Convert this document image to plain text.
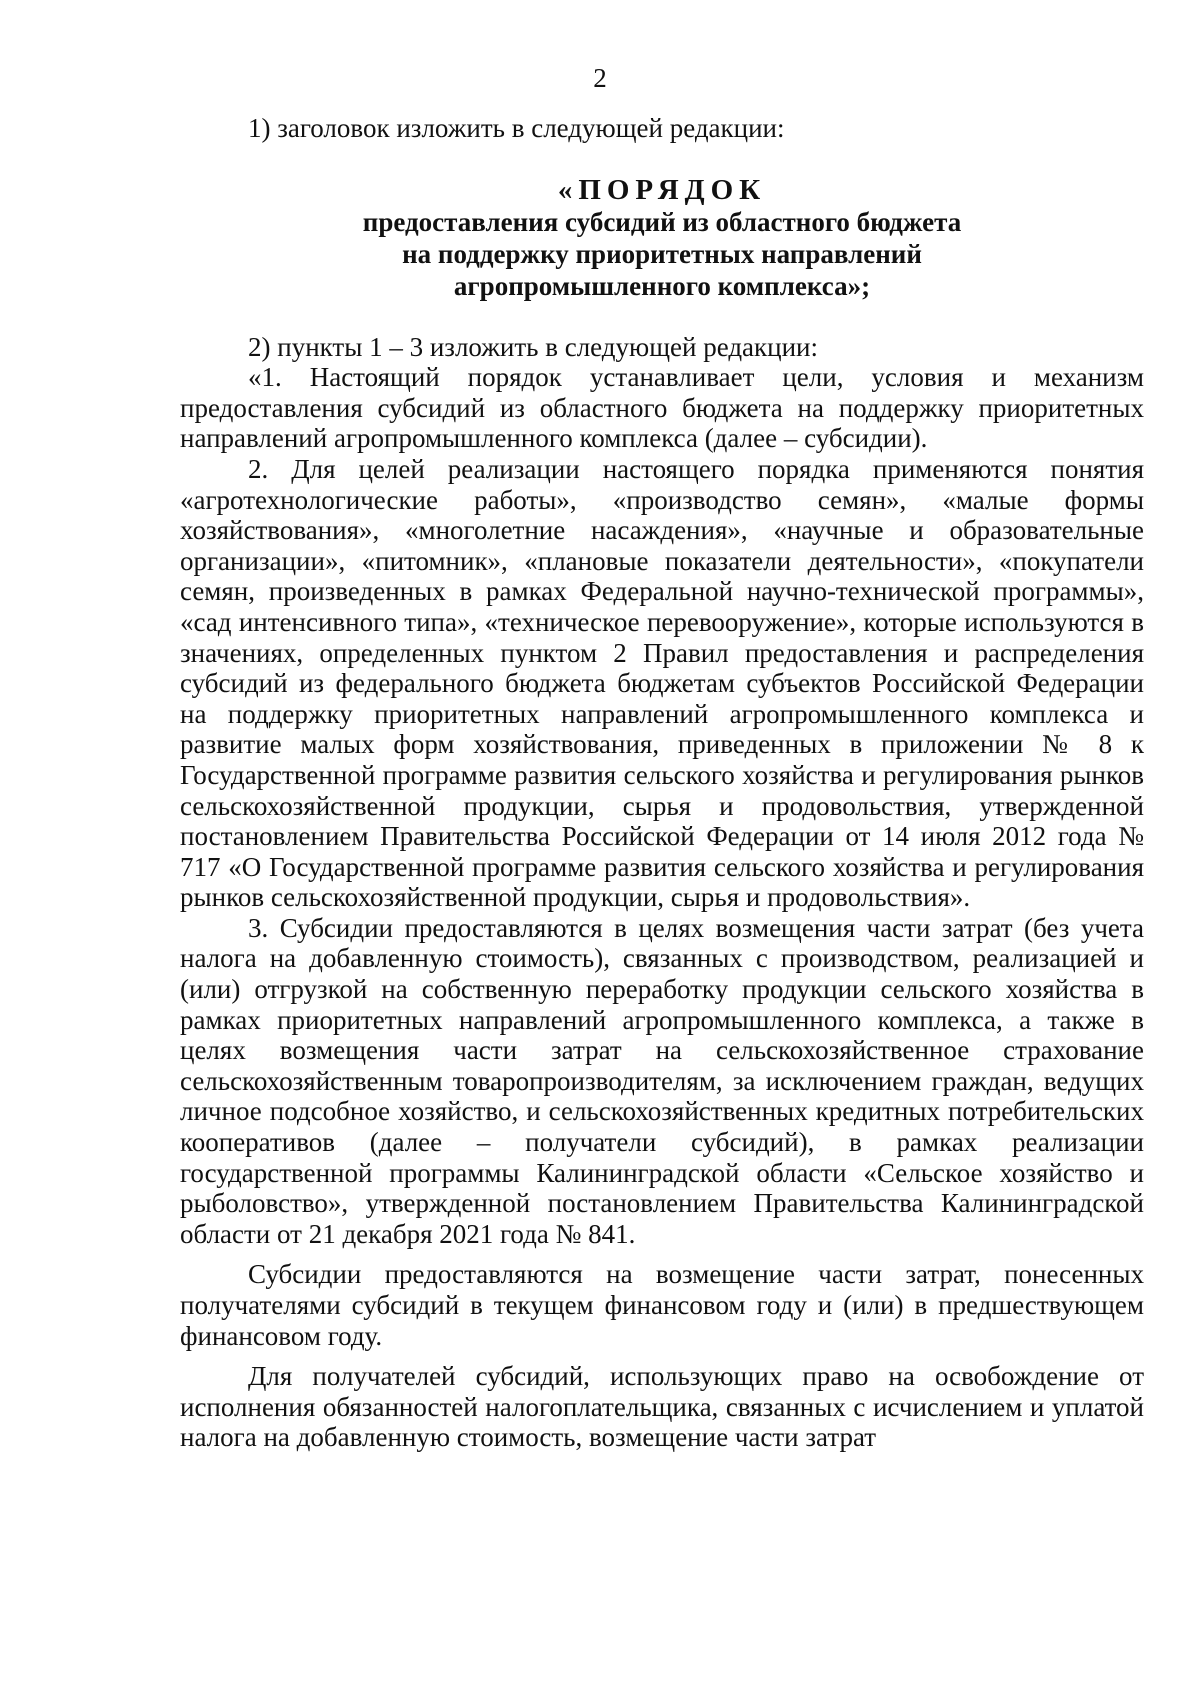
2

1) заголовок изложить в следующей редакции:

«ПОРЯДОК

предоставления субсидий из областного бюджета

на поддержку приоритетных направлений

агропромышленного комплекса»;

2) пункты 1 – 3 изложить в следующей редакции:

«1. Настоящий порядок устанавливает цели, условия и механизм предоставления субсидий из областного бюджета на поддержку приоритетных направлений агропромышленного комплекса (далее – субсидии).

2. Для целей реализации настоящего порядка применяются понятия «агротехнологические работы», «производство семян», «малые формы хозяйствования», «многолетние насаждения», «научные и образовательные организации», «питомник», «плановые показатели деятельности», «покупатели семян, произведенных в рамках Федеральной научно-технической программы», «сад интенсивного типа», «техническое перевооружение», которые используются в значениях, определенных пунктом 2 Правил предоставления и распределения субсидий из федерального бюджета бюджетам субъектов Российской Федерации на поддержку приоритетных направлений агропромышленного комплекса и развитие малых форм хозяйствования, приведенных в приложении № 8 к Государственной программе развития сельского хозяйства и регулирования рынков сельскохозяйственной продукции, сырья и продовольствия, утвержденной постановлением Правительства Российской Федерации от 14 июля 2012 года № 717 «О Государственной программе развития сельского хозяйства и регулирования рынков сельскохозяйственной продукции, сырья и продовольствия».

3. Субсидии предоставляются в целях возмещения части затрат (без учета налога на добавленную стоимость), связанных с производством, реализацией и (или) отгрузкой на собственную переработку продукции сельского хозяйства в рамках приоритетных направлений агропромышленного комплекса, а также в целях возмещения части затрат на сельскохозяйственное страхование сельскохозяйственным товаропроизводителям, за исключением граждан, ведущих личное подсобное хозяйство, и сельскохозяйственных кредитных потребительских кооперативов (далее – получатели субсидий), в рамках реализации государственной программы Калининградской области «Сельское хозяйство и рыболовство», утвержденной постановлением Правительства Калининградской области от 21 декабря 2021 года № 841.

Субсидии предоставляются на возмещение части затрат, понесенных получателями субсидий в текущем финансовом году и (или) в предшествующем финансовом году.

Для получателей субсидий, использующих право на освобождение от исполнения обязанностей налогоплательщика, связанных с исчислением и уплатой налога на добавленную стоимость, возмещение части затрат
